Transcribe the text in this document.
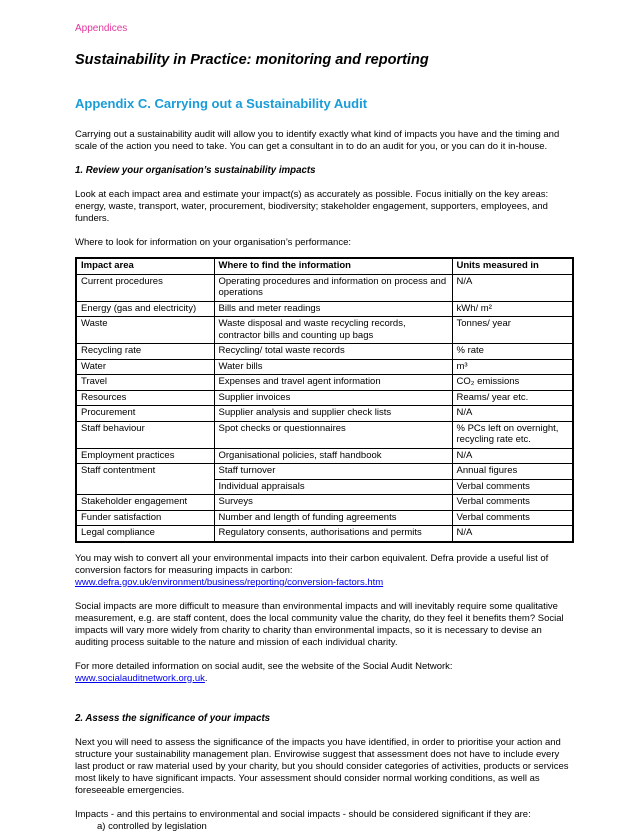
Appendices
Sustainability in Practice: monitoring and reporting
Appendix C. Carrying out a Sustainability Audit

Carrying out a sustainability audit will allow you to identify exactly what kind of impacts you have and the timing and scale of the action you need to take. You can get a consultant in to do an audit for you, or you can do it in-house.

1. Review your organisation’s sustainability impacts

Look at each impact area and estimate your impact(s) as accurately as possible. Focus initially on the key areas: energy, waste, transport, water, procurement, biodiversity; stakeholder engagement, supporters, employees, and funders.

Where to look for information on your organisation’s performance:

Impact area	Where to find the information	Units measured in
Current procedures	Operating procedures and information on process and operations	N/A
Energy (gas and electricity)	Bills and meter readings	kWh/ m²
Waste	Waste disposal and waste recycling records, contractor bills and counting up bags	Tonnes/ year
Recycling rate	Recycling/ total waste records	% rate
Water	Water bills	m³
Travel	Expenses and travel agent information	CO₂ emissions
Resources	Supplier invoices	Reams/ year etc.
Procurement	Supplier analysis and supplier check lists	N/A
Staff behaviour	Spot checks or questionnaires	% PCs left on overnight, recycling rate etc.
Employment practices	Organisational policies, staff handbook	N/A
Staff contentment	Staff turnover	Annual figures
	Individual appraisals	Verbal comments
Stakeholder engagement	Surveys	Verbal comments
Funder satisfaction	Number and length of funding agreements	Verbal comments
Legal compliance	Regulatory consents, authorisations and permits	N/A

You may wish to convert all your environmental impacts into their carbon equivalent. Defra provide a useful list of conversion factors for measuring impacts in carbon:

www.defra.gov.uk/environment/business/reporting/conversion-factors.htm

Social impacts are more difficult to measure than environmental impacts and will inevitably require some qualitative measurement, e.g. are staff content, does the local community value the charity, do they feel it benefits them? Social impacts will vary more widely from charity to charity than environmental impacts, so it is necessary to devise an auditing process suitable to the nature and mission of each individual charity.

For more detailed information on social audit, see the website of the Social Audit Network:

www.socialauditnetwork.org.uk.
2. Assess the significance of your impacts

Next you will need to assess the significance of the impacts you have identified, in order to prioritise your action and structure your sustainability management plan. Envirowise suggest that assessment does not have to include every last product or raw material used by your charity, but you should consider categories of activities, products or services most likely to have significant impacts. Your assessment should consider normal working conditions, as well as foreseeable emergencies.

Impacts - and this pertains to environmental and social impacts - should be considered significant if they are:

a) controlled by legislation
